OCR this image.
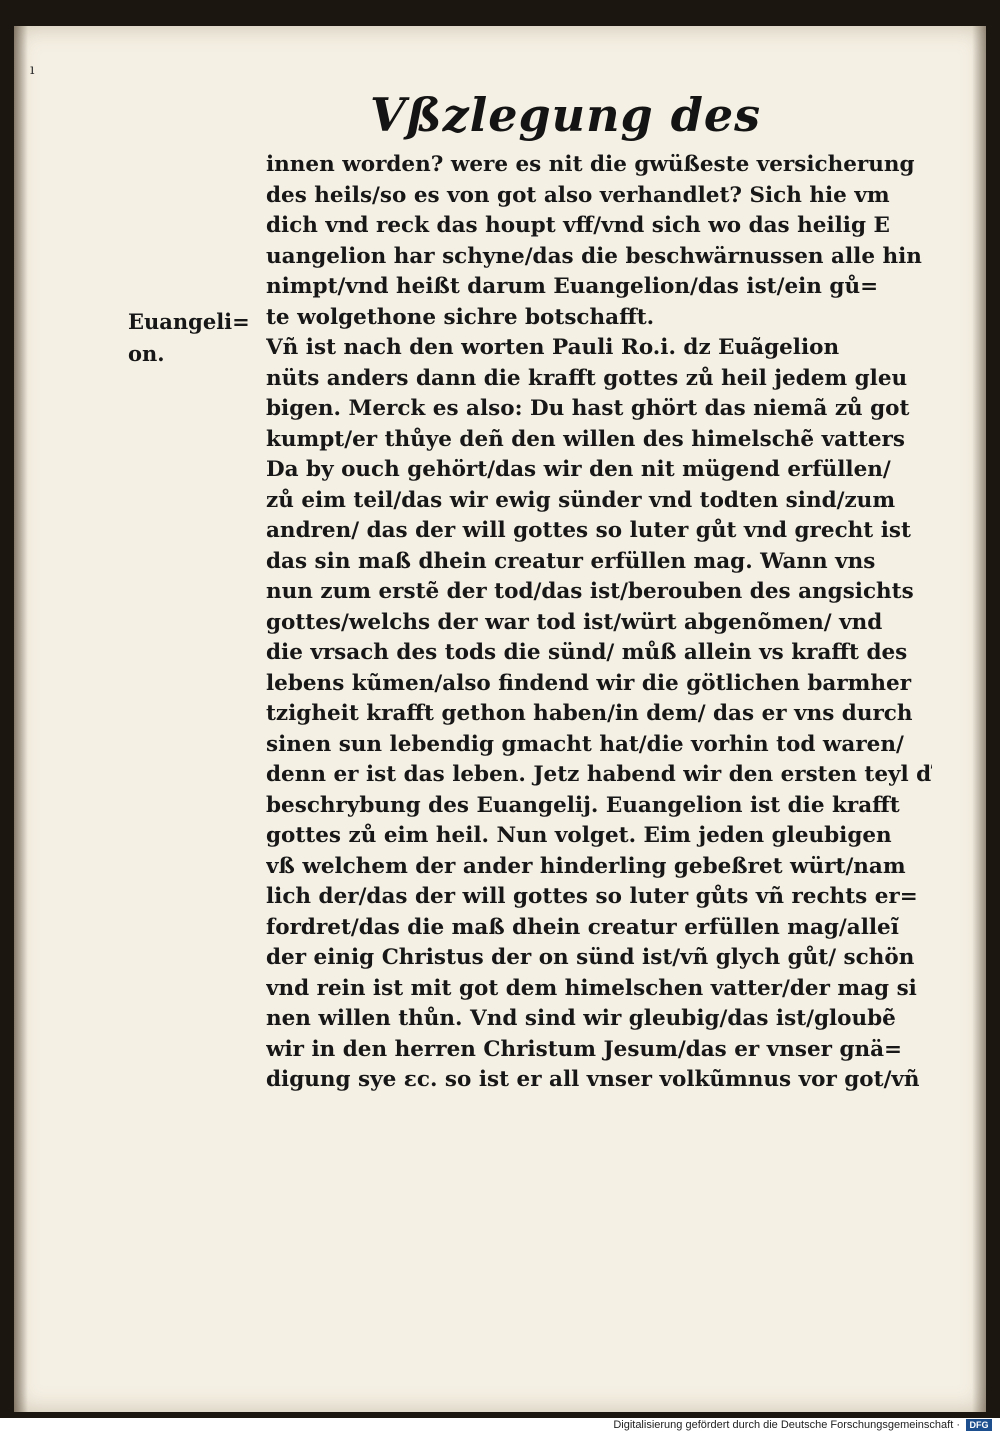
ı
Vßzlegung des
Euangeli=
on.
innen worden? were es nit die gwüßeste versicherung
des heils/so es von got also verhandlet? Sich hie vm
dich vnd reck das houpt vff/vnd sich wo das heilig E
uangelion har schyne/das die beschwärnussen alle hin
nimpt/vnd heißt darum Euangelion/das ist/ein gů=
te wolgethone sichre botschafft.
Vñ ist nach den worten Pauli Ro.i. dz Euãgelion
nüts anders dann die krafft gottes zů heil jedem gleu
bigen. Merck es also: Du hast ghört das niemã zů got
kumpt/er thůye deñ den willen des himelschẽ vatters
Da by ouch gehört/das wir den nit mügend erfüllen/
zů eim teil/das wir ewig sünder vnd todten sind/zum
andren/ das der will gottes so luter gůt vnd grecht ist
das sin maß dhein creatur erfüllen mag. Wann vns
nun zum erstẽ der tod/das ist/berouben des angsichts
gottes/welchs der war tod ist/würt abgenõmen/ vnd
die vrsach des tods die sünd/ můß allein vs krafft des
lebens kũmen/also findend wir die götlichen barmher
tzigheit krafft gethon haben/in dem/ das er vns durch
sinen sun lebendig gmacht hat/die vorhin tod waren/
denn er ist das leben. Jetz habend wir den ersten teyl ď
beschrybung des Euangelij. Euangelion ist die krafft
gottes zů eim heil. Nun volget. Eim jeden gleubigen
vß welchem der ander hinderling gebeßret würt/nam
lich der/das der will gottes so luter gůts vñ rechts er=
fordret/das die maß dhein creatur erfüllen mag/alleĩ
der einig Christus der on sünd ist/vñ glych gůt/ schön
vnd rein ist mit got dem himelschen vatter/der mag si
nen willen thůn. Vnd sind wir gleubig/das ist/gloubẽ
wir in den herren Christum Jesum/das er vnser gnä=
digung sye ɛc. so ist er all vnser volkũmnus vor got/vñ
Digitalisierung gefördert durch die Deutsche Forschungsgemeinschaft ·	DFG
